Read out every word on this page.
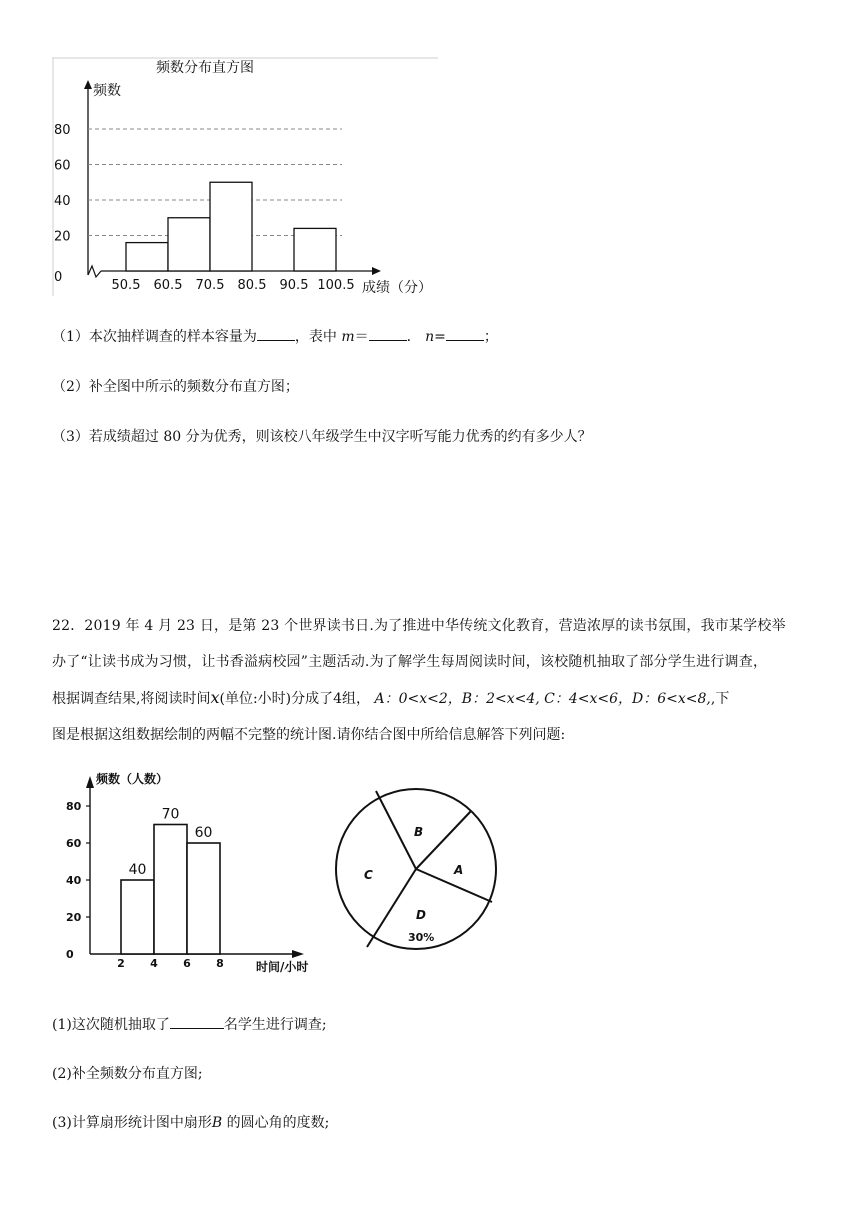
频数分布直方图
频数
80
60
40
20
0
50.5 60.5 70.5 80.5 90.5 100.5 成绩（分）
（1）本次抽样调查的样本容量为	，表中 m＝	． n=	；
（2）补全图中所示的频数分布直方图；
（3）若成绩超过 80 分为优秀，则该校八年级学生中汉字听写能力优秀的约有多少人？
22．2019 年 4 月 23 日，是第 23 个世界读书日.为了推进中华传统文化教育，营造浓厚的读书氛围，我市某学校举
办了“让读书成为习惯，让书香溢病校园”主题活动.为了解学生每周阅读时间，该校随机抽取了部分学生进行调查，
根据调查结果,将阅读时间x(单位:小时)分成了4组， A：0<x<2，B：2<x<4, C：4<x<6，D：6<x<8,,下
图是根据这组数据绘制的两幅不完整的统计图.请你结合图中所给信息解答下列问题:
频数（人数）
80
60
40
20
0
40
70
60
2 4 6 8	时间/小时
B
A
C
D
30%
(1)这次随机抽取了	名学生进行调查;
(2)补全频数分布直方图;
(3)计算扇形统计图中扇形B 的圆心角的度数;
